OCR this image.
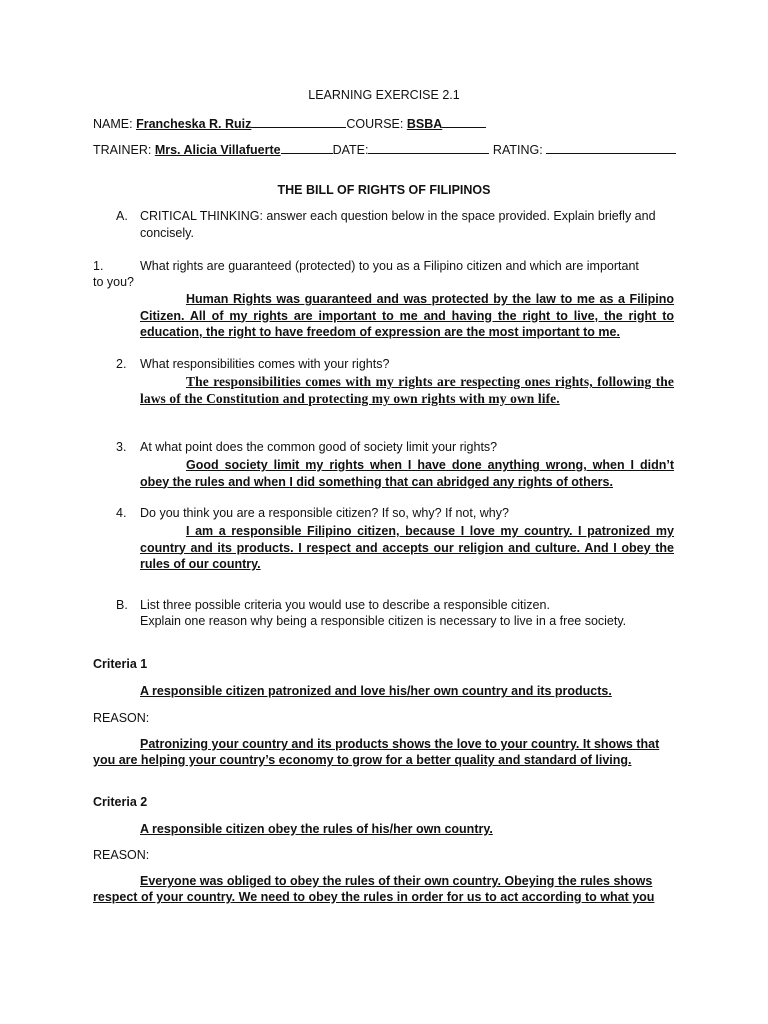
LEARNING EXERCISE 2.1
NAME: Francheska R. Ruiz	COURSE: BSBA
TRAINER: Mrs. Alicia Villafuerte	DATE:	RATING:
THE BILL OF RIGHTS OF FILIPINOS
A. CRITICAL THINKING: answer each question below in the space provided. Explain briefly and
concisely.
1.	What rights are guaranteed (protected) to you as a Filipino citizen and which are important
to you?
Human Rights was guaranteed and was protected by the law to me as a Filipino Citizen. All of my rights are important to me and having the right to live, the right to education, the right to have freedom of expression are the most important to me.
2. What responsibilities comes with your rights?
The responsibilities comes with my rights are respecting ones rights, following the laws of the Constitution and protecting my own rights with my own life.
3. At what point does the common good of society limit your rights?
Good society limit my rights when I have done anything wrong, when I didn’t obey the rules and when I did something that can abridged any rights of others.
4. Do you think you are a responsible citizen? If so, why? If not, why?
I am a responsible Filipino citizen, because I love my country. I patronized my country and its products. I respect and accepts our religion and culture. And I obey the rules of our country.
B. List three possible criteria you would use to describe a responsible citizen.
Explain one reason why being a responsible citizen is necessary to live in a free society.
Criteria 1
A responsible citizen patronized and love his/her own country and its products.
REASON:
Patronizing your country and its products shows the love to your country. It shows that
you are helping your country’s economy to grow for a better quality and standard of living.
Criteria 2
A responsible citizen obey the rules of his/her own country.
REASON:
Everyone was obliged to obey the rules of their own country. Obeying the rules shows
respect of your country. We need to obey the rules in order for us to act according to what you
